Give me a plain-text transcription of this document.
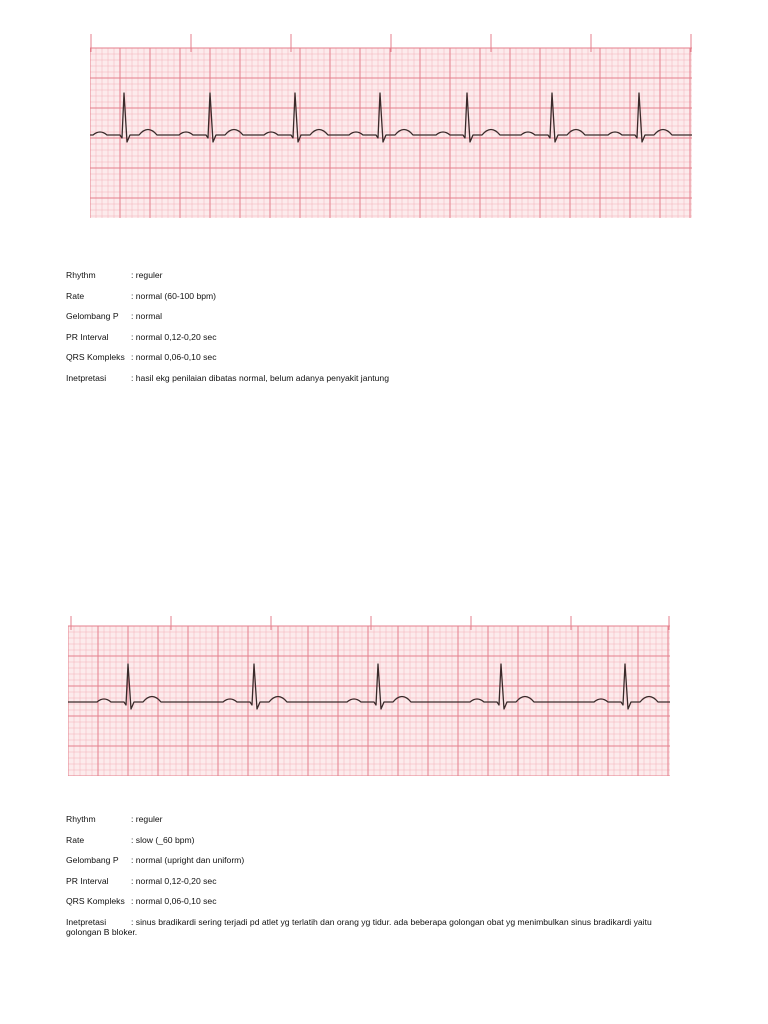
Rhythm	: reguler
Rate	: normal (60-100 bpm)
Gelombang P : normal
PR Interval	: normal 0,12-0,20 sec
QRS Kompleks : normal 0,06-0,10 sec
Inetpretasi	: hasil ekg penilaian dibatas normal, belum adanya penyakit jantung
Rhythm	: reguler
Rate	: slow (_60 bpm)
Gelombang P : normal (upright dan uniform)
PR Interval	: normal 0,12-0,20 sec
QRS Kompleks : normal 0,06-0,10 sec
Inetpretasi	: sinus bradikardi sering terjadi pd atlet yg terlatih dan orang yg tidur. ada beberapa golongan obat yg menimbulkan sinus bradikardi yaitu
golongan B bloker.
